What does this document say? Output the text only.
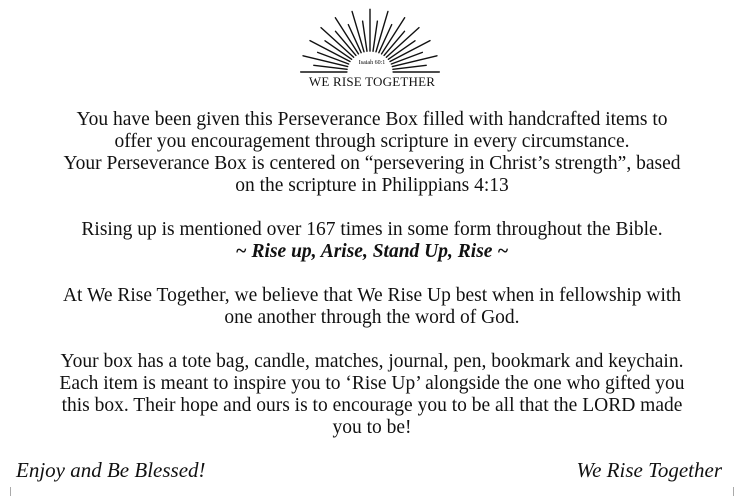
Isaiah 60:1
WE RISE TOGETHER

You have been given this Perseverance Box filled with handcrafted items to

offer you encouragement through scripture in every circumstance.

Your Perseverance Box is centered on “persevering in Christ’s strength”, based

on the scripture in Philippians 4:13

Rising up is mentioned over 167 times in some form throughout the Bible.

~ Rise up, Arise, Stand Up, Rise ~

At We Rise Together, we believe that We Rise Up best when in fellowship with

one another through the word of God.

Your box has a tote bag, candle, matches, journal, pen, bookmark and keychain.

Each item is meant to inspire you to ‘Rise Up’ alongside the one who gifted you

this box. Their hope and ours is to encourage you to be all that the LORD made

you to be!

Enjoy and Be Blessed!	We Rise Together
